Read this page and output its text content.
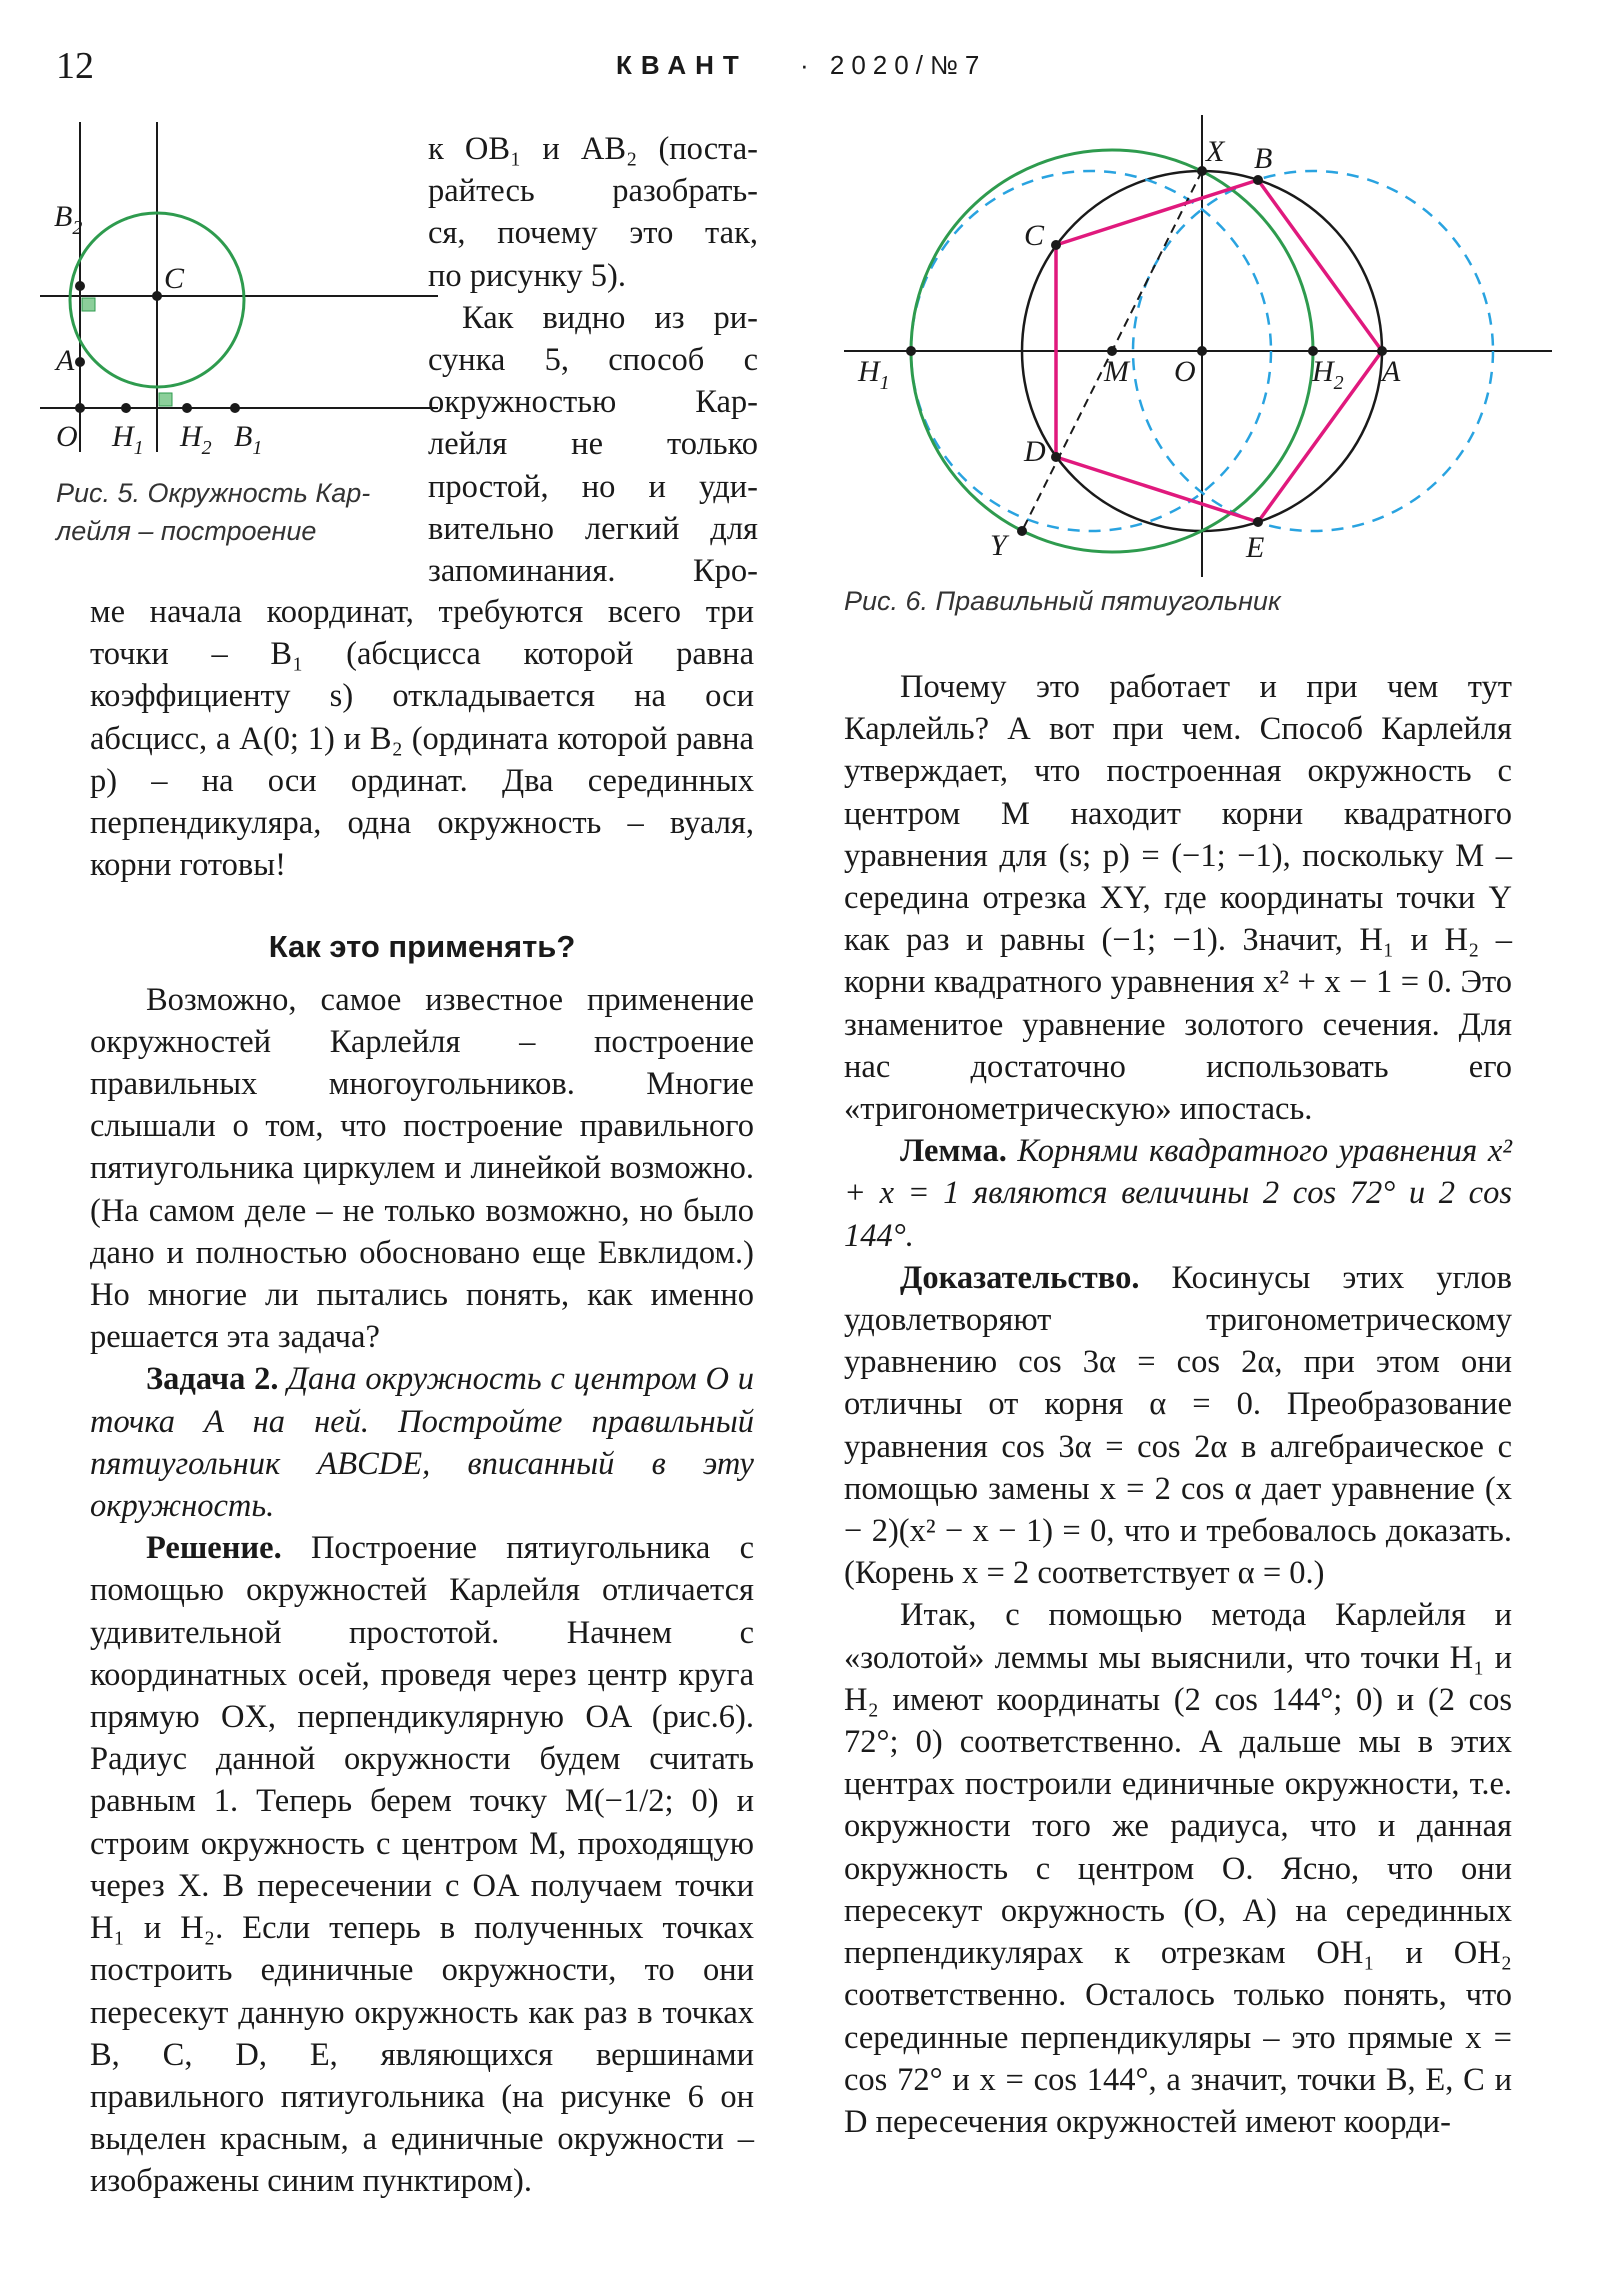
12	КВАНТ · 2020/№7
$B_2$
C
A
O $H_1$ $H_2$ $B_1$
Рис. 5. Окружность Кар-
лейля – построение
X B
C
$H_1$	M O	$H_2$ A
D
Y	E
Рис. 6. Правильный пятиугольник
к OB₁ и AB₂ (поста-
райтесь разобрать-
ся, почему это так,
по рисунку 5).
Как видно из ри-
сунка 5, способ с
окружностью Кар-
лейля не только
простой, но и уди-
вительно легкий для
запоминания. Кро-

ме начала координат, требуются всего три точки – B₁ (абсцисса которой равна коэффициенту s) откладывается на оси абсцисс, а A(0; 1) и B₂ (ордината которой равна p) – на оси ординат. Два серединных перпендикуляра, одна окружность – вуаля, корни готовы!

Как это применять?

Возможно, самое известное применение окружностей Карлейля – построение правильных многоугольников. Многие слышали о том, что построение правильного пятиугольника циркулем и линейкой возможно. (На самом деле – не только возможно, но было дано и полностью обосновано еще Евклидом.) Но многие ли пытались понять, как именно решается эта задача?

Задача 2. Дана окружность с центром O и точка A на ней. Постройте правильный пятиугольник ABCDE, вписанный в эту окружность.

Решение. Построение пятиугольника с помощью окружностей Карлейля отличается удивительной простотой. Начнем с координатных осей, проведя через центр круга прямую OX, перпендикулярную OA (рис.6). Радиус данной окружности будем считать равным 1. Теперь берем точку M(−1/2; 0) и строим окружность с центром M, проходящую через X. В пересечении с OA получаем точки H₁ и H₂. Если теперь в полученных точках построить единичные окружности, то они пересекут данную окружность как раз в точках B, C, D, E, являющихся вершинами правильного пятиугольника (на рисунке 6 он выделен красным, а единичные окружности – изображены синим пунктиром).

Почему это работает и при чем тут Карлейль? А вот при чем. Способ Карлейля утверждает, что построенная окружность с центром M находит корни квадратного уравнения для (s; p) = (−1; −1), поскольку M – середина отрезка XY, где координаты точки Y как раз и равны (−1; −1). Значит, H₁ и H₂ – корни квадратного уравнения x² + x − 1 = 0. Это знаменитое уравнение золотого сечения. Для нас достаточно использовать его «тригонометрическую» ипостась.

Лемма. Корнями квадратного уравнения x² + x = 1 являются величины 2 cos 72° и 2 cos 144°.

Доказательство. Косинусы этих углов удовлетворяют тригонометрическому уравнению cos 3α = cos 2α, при этом они отличны от корня α = 0. Преобразование уравнения cos 3α = cos 2α в алгебраическое с помощью замены x = 2 cos α дает уравнение (x − 2)(x² − x − 1) = 0, что и требовалось доказать. (Корень x = 2 соответствует α = 0.)

Итак, с помощью метода Карлейля и «золотой» леммы мы выяснили, что точки H₁ и H₂ имеют координаты (2 cos 144°; 0) и (2 cos 72°; 0) соответственно. А дальше мы в этих центрах построили единичные окружности, т.е. окружности того же радиуса, что и данная окружность с центром O. Ясно, что они пересекут окружность (O, A) на серединных перпендикулярах к отрезкам OH₁ и OH₂ соответственно. Осталось только понять, что серединные перпендикуляры – это прямые x = cos 72° и x = cos 144°, а значит, точки B, E, C и D пересечения окружностей имеют коорди-
